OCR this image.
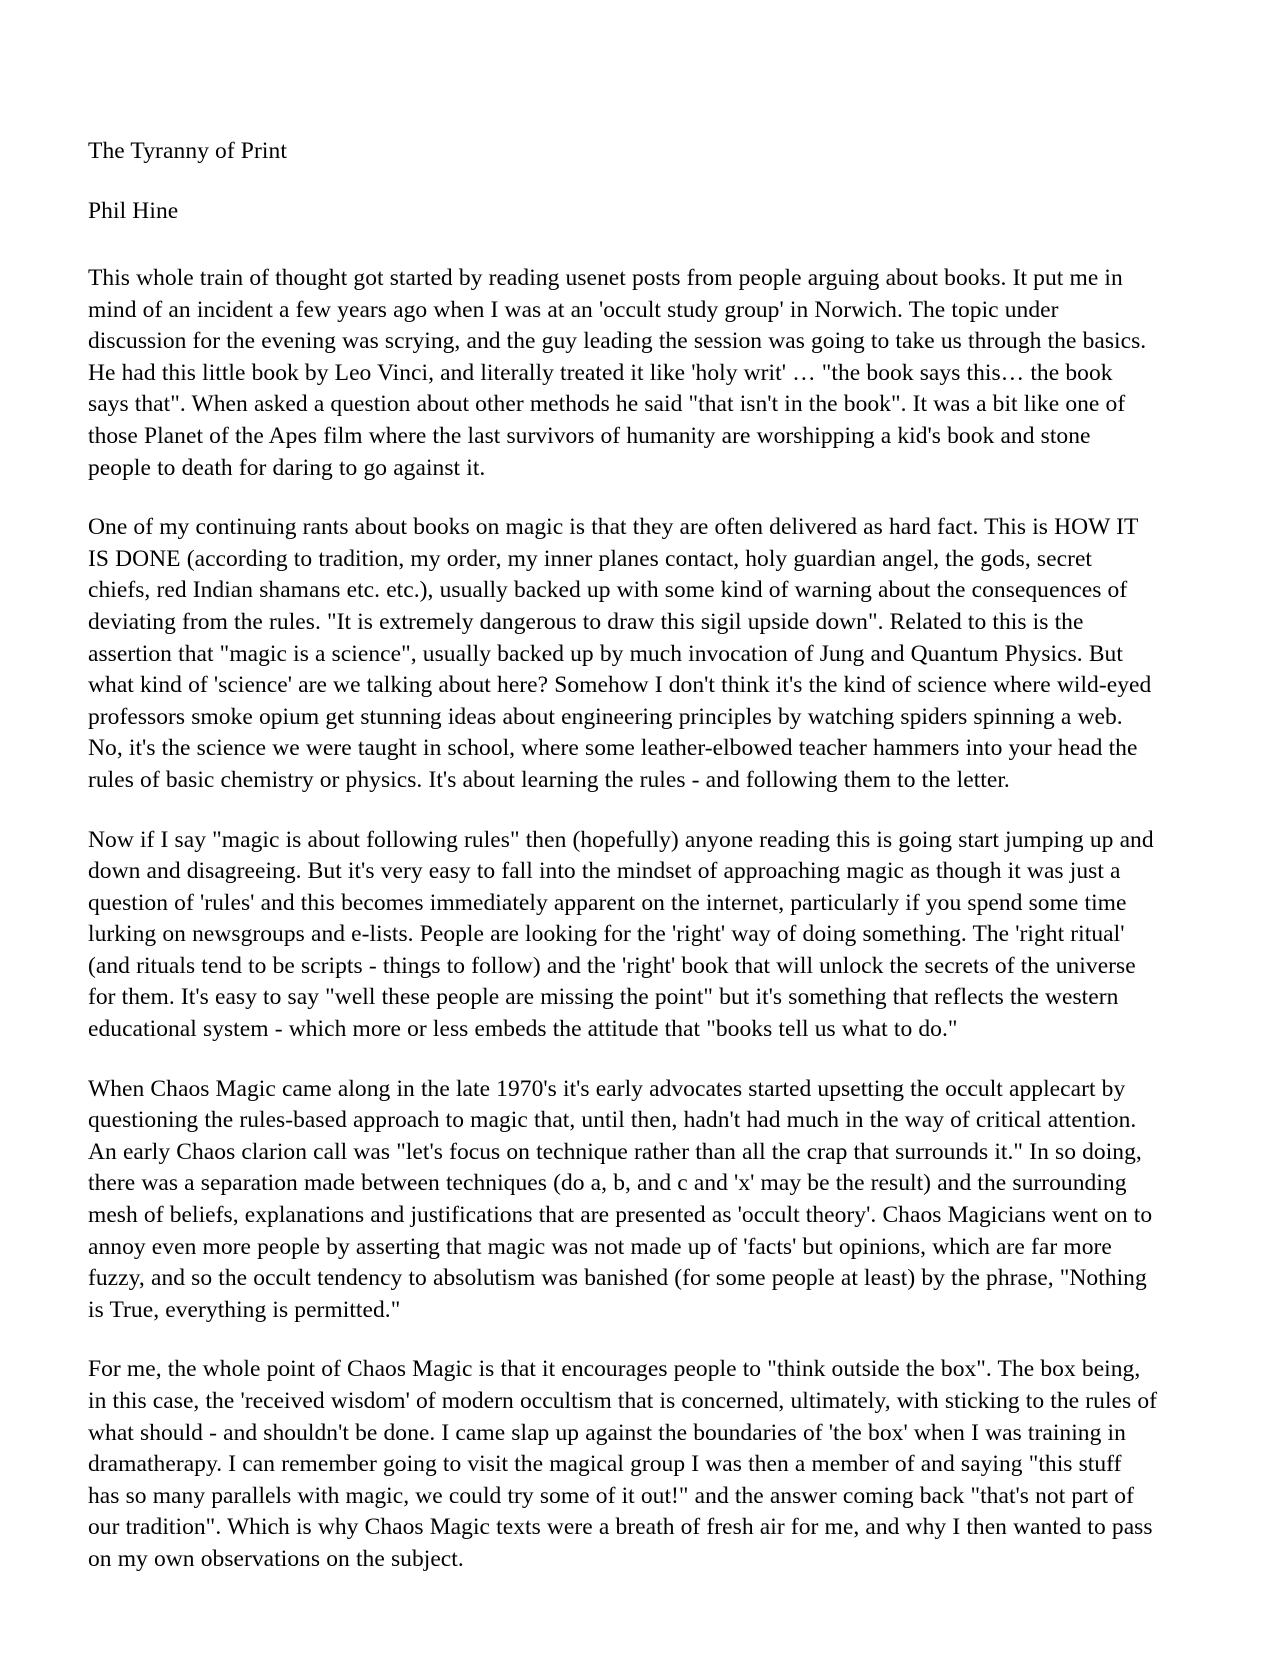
The Tyranny of Print

Phil Hine

This whole train of thought got started by reading usenet posts from people arguing about books. It put me in mind of an incident a few years ago when I was at an 'occult study group' in Norwich. The topic under discussion for the evening was scrying, and the guy leading the session was going to take us through the basics. He had this little book by Leo Vinci, and literally treated it like 'holy writ' … "the book says this… the book says that". When asked a question about other methods he said "that isn't in the book". It was a bit like one of those Planet of the Apes film where the last survivors of humanity are worshipping a kid's book and stone people to death for daring to go against it.

One of my continuing rants about books on magic is that they are often delivered as hard fact. This is HOW IT IS DONE (according to tradition, my order, my inner planes contact, holy guardian angel, the gods, secret chiefs, red Indian shamans etc. etc.), usually backed up with some kind of warning about the consequences of deviating from the rules. "It is extremely dangerous to draw this sigil upside down". Related to this is the assertion that "magic is a science", usually backed up by much invocation of Jung and Quantum Physics. But what kind of 'science' are we talking about here? Somehow I don't think it's the kind of science where wild-eyed professors smoke opium get stunning ideas about engineering principles by watching spiders spinning a web. No, it's the science we were taught in school, where some leather-elbowed teacher hammers into your head the rules of basic chemistry or physics. It's about learning the rules - and following them to the letter.

Now if I say "magic is about following rules" then (hopefully) anyone reading this is going start jumping up and down and disagreeing. But it's very easy to fall into the mindset of approaching magic as though it was just a question of 'rules' and this becomes immediately apparent on the internet, particularly if you spend some time lurking on newsgroups and e-lists. People are looking for the 'right' way of doing something. The 'right ritual' (and rituals tend to be scripts - things to follow) and the 'right' book that will unlock the secrets of the universe for them. It's easy to say "well these people are missing the point" but it's something that reflects the western educational system - which more or less embeds the attitude that "books tell us what to do."

When Chaos Magic came along in the late 1970's it's early advocates started upsetting the occult applecart by questioning the rules-based approach to magic that, until then, hadn't had much in the way of critical attention. An early Chaos clarion call was "let's focus on technique rather than all the crap that surrounds it." In so doing, there was a separation made between techniques (do a, b, and c and 'x' may be the result) and the surrounding mesh of beliefs, explanations and justifications that are presented as 'occult theory'. Chaos Magicians went on to annoy even more people by asserting that magic was not made up of 'facts' but opinions, which are far more fuzzy, and so the occult tendency to absolutism was banished (for some people at least) by the phrase, "Nothing is True, everything is permitted."

For me, the whole point of Chaos Magic is that it encourages people to "think outside the box". The box being, in this case, the 'received wisdom' of modern occultism that is concerned, ultimately, with sticking to the rules of what should - and shouldn't be done. I came slap up against the boundaries of 'the box' when I was training in dramatherapy. I can remember going to visit the magical group I was then a member of and saying "this stuff has so many parallels with magic, we could try some of it out!" and the answer coming back "that's not part of our tradition". Which is why Chaos Magic texts were a breath of fresh air for me, and why I then wanted to pass on my own observations on the subject.
